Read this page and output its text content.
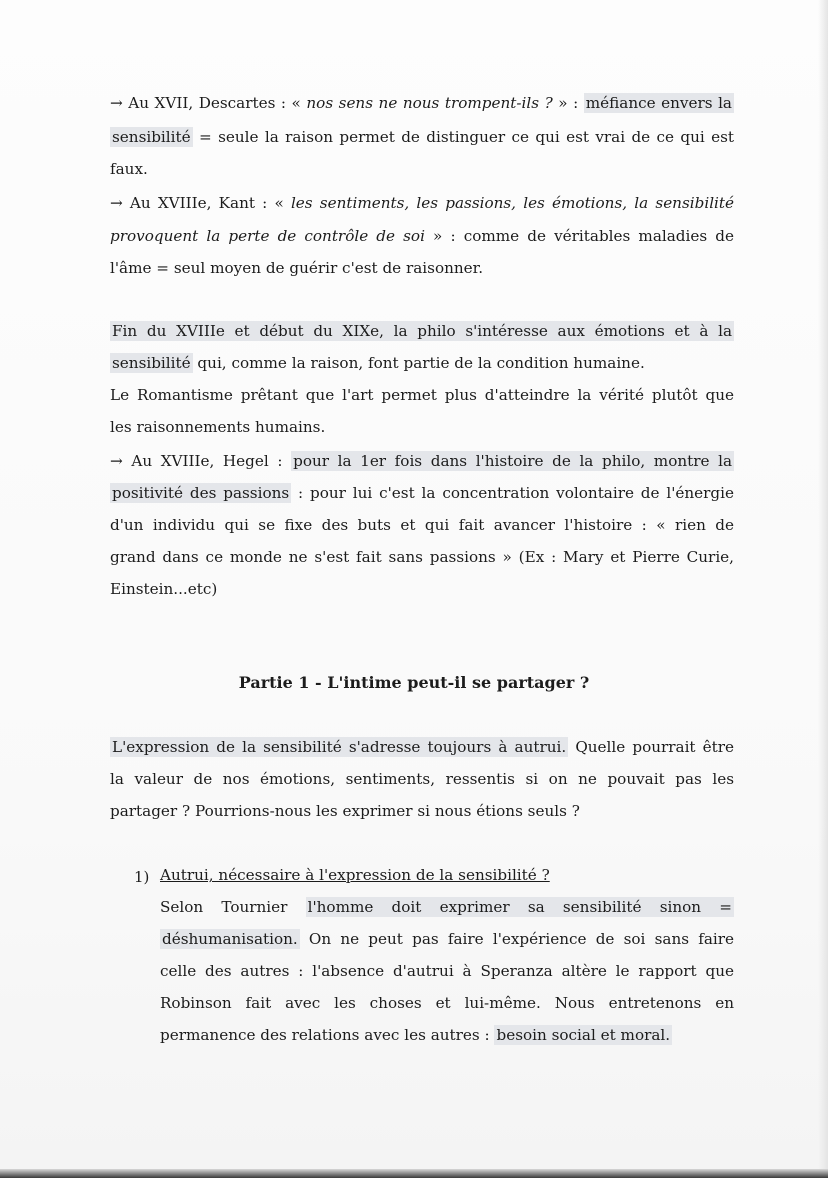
→ Au XVII, Descartes : « nos sens ne nous trompent-ils ? » : méfiance envers la
sensibilité = seule la raison permet de distinguer ce qui est vrai de ce qui est
faux.
→ Au XVIIIe, Kant : « les sentiments, les passions, les émotions, la sensibilité
provoquent la perte de contrôle de soi » : comme de véritables maladies de
l'âme = seul moyen de guérir c'est de raisonner.
Fin du XVIIIe et début du XIXe, la philo s'intéresse aux émotions et à la
sensibilité qui, comme la raison, font partie de la condition humaine.
Le Romantisme prêtant que l'art permet plus d'atteindre la vérité plutôt que
les raisonnements humains.
→ Au XVIIIe, Hegel : pour la 1er fois dans l'histoire de la philo, montre la
positivité des passions : pour lui c'est la concentration volontaire de l'énergie
d'un individu qui se fixe des buts et qui fait avancer l'histoire : « rien de
grand dans ce monde ne s'est fait sans passions » (Ex : Mary et Pierre Curie,
Einstein...etc)
Partie 1 - L'intime peut-il se partager ?
L'expression de la sensibilité s'adresse toujours à autrui. Quelle pourrait être
la valeur de nos émotions, sentiments, ressentis si on ne pouvait pas les
partager ? Pourrions-nous les exprimer si nous étions seuls ?
1) Autrui, nécessaire à l'expression de la sensibilité ?
Selon Tournier l'homme doit exprimer sa sensibilité sinon =
déshumanisation. On ne peut pas faire l'expérience de soi sans faire
celle des autres : l'absence d'autrui à Speranza altère le rapport que
Robinson fait avec les choses et lui-même. Nous entretenons en
permanence des relations avec les autres : besoin social et moral.
